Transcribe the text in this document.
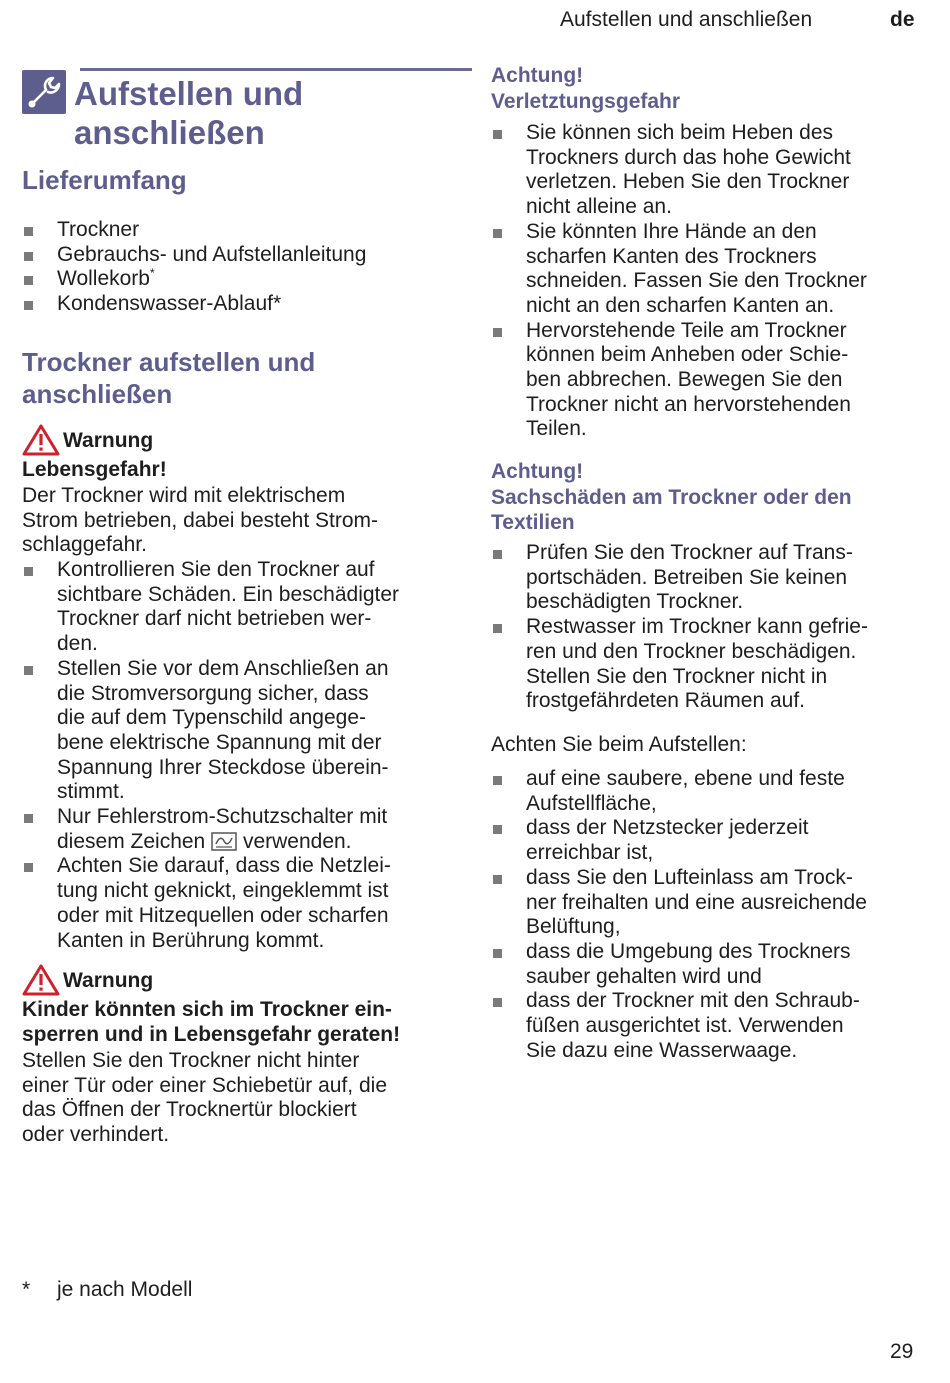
Aufstellen und anschließen	de
Aufstellen und
anschließen
Lieferumfang
Trockner
Gebrauchs- und Aufstellanleitung
Wollekorb*
Kondenswasser-Ablauf*
Trockner aufstellen und
anschließen
Warnung
Lebensgefahr!
Der Trockner wird mit elektrischem
Strom betrieben, dabei besteht Strom-
schlaggefahr.
Kontrollieren Sie den Trockner auf
sichtbare Schäden. Ein beschädigter
Trockner darf nicht betrieben wer-
den.
Stellen Sie vor dem Anschließen an
die Stromversorgung sicher, dass
die auf dem Typenschild angege-
bene elektrische Spannung mit der
Spannung Ihrer Steckdose überein-
stimmt.
Nur Fehlerstrom-Schutzschalter mit
diesem Zeichen verwenden.
Achten Sie darauf, dass die Netzlei-
tung nicht geknickt, eingeklemmt ist
oder mit Hitzequellen oder scharfen
Kanten in Berührung kommt.
Warnung
Kinder könnten sich im Trockner ein-
sperren und in Lebensgefahr geraten!
Stellen Sie den Trockner nicht hinter
einer Tür oder einer Schiebetür auf, die
das Öffnen der Trocknertür blockiert
oder verhindert.
Achtung!
Verletztungsgefahr
Sie können sich beim Heben des
Trockners durch das hohe Gewicht
verletzen. Heben Sie den Trockner
nicht alleine an.
Sie könnten Ihre Hände an den
scharfen Kanten des Trockners
schneiden. Fassen Sie den Trockner
nicht an den scharfen Kanten an.
Hervorstehende Teile am Trockner
können beim Anheben oder Schie-
ben abbrechen. Bewegen Sie den
Trockner nicht an hervorstehenden
Teilen.
Achtung!
Sachschäden am Trockner oder den
Textilien
Prüfen Sie den Trockner auf Trans-
portschäden. Betreiben Sie keinen
beschädigten Trockner.
Restwasser im Trockner kann gefrie-
ren und den Trockner beschädigen.
Stellen Sie den Trockner nicht in
frostgefährdeten Räumen auf.
Achten Sie beim Aufstellen:
auf eine saubere, ebene und feste
Aufstellfläche,
dass der Netzstecker jederzeit
erreichbar ist,
dass Sie den Lufteinlass am Trock-
ner freihalten und eine ausreichende
Belüftung,
dass die Umgebung des Trockners
sauber gehalten wird und
dass der Trockner mit den Schraub-
füßen ausgerichtet ist. Verwenden
Sie dazu eine Wasserwaage.
* je nach Modell
29
